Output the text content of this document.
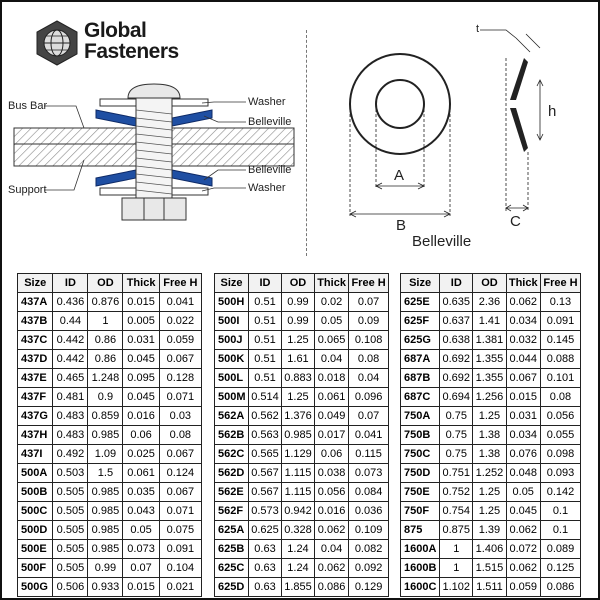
Global
Fasteners
Bus Bar
Support
Washer
Belleville
Belleville
Washer
A
B
t
h
C
Belleville
Size	ID	OD	Thick	Free H
437A	0.436	0.876	0.015	0.041
437B	0.44	1	0.005	0.022
437C	0.442	0.86	0.031	0.059
437D	0.442	0.86	0.045	0.067
437E	0.465	1.248	0.095	0.128
437F	0.481	0.9	0.045	0.071
437G	0.483	0.859	0.016	0.03
437H	0.483	0.985	0.06	0.08
437I	0.492	1.09	0.025	0.067
500A	0.503	1.5	0.061	0.124
500B	0.505	0.985	0.035	0.067
500C	0.505	0.985	0.043	0.071
500D	0.505	0.985	0.05	0.075
500E	0.505	0.985	0.073	0.091
500F	0.505	0.99	0.07	0.104
500G	0.506	0.933	0.015	0.021
Size	ID	OD	Thick	Free H
500H	0.51	0.99	0.02	0.07
500I	0.51	0.99	0.05	0.09
500J	0.51	1.25	0.065	0.108
500K	0.51	1.61	0.04	0.08
500L	0.51	0.883	0.018	0.04
500M	0.514	1.25	0.061	0.096
562A	0.562	1.376	0.049	0.07
562B	0.563	0.985	0.017	0.041
562C	0.565	1.129	0.06	0.115
562D	0.567	1.115	0.038	0.073
562E	0.567	1.115	0.056	0.084
562F	0.573	0.942	0.016	0.036
625A	0.625	0.328	0.062	0.109
625B	0.63	1.24	0.04	0.082
625C	0.63	1.24	0.062	0.092
625D	0.63	1.855	0.086	0.129
Size	ID	OD	Thick	Free H
625E	0.635	2.36	0.062	0.13
625F	0.637	1.41	0.034	0.091
625G	0.638	1.381	0.032	0.145
687A	0.692	1.355	0.044	0.088
687B	0.692	1.355	0.067	0.101
687C	0.694	1.256	0.015	0.08
750A	0.75	1.25	0.031	0.056
750B	0.75	1.38	0.034	0.055
750C	0.75	1.38	0.076	0.098
750D	0.751	1.252	0.048	0.093
750E	0.752	1.25	0.05	0.142
750F	0.754	1.25	0.045	0.1
875	0.875	1.39	0.062	0.1
1600A	1	1.406	0.072	0.089
1600B	1	1.515	0.062	0.125
1600C	1.102	1.511	0.059	0.086
